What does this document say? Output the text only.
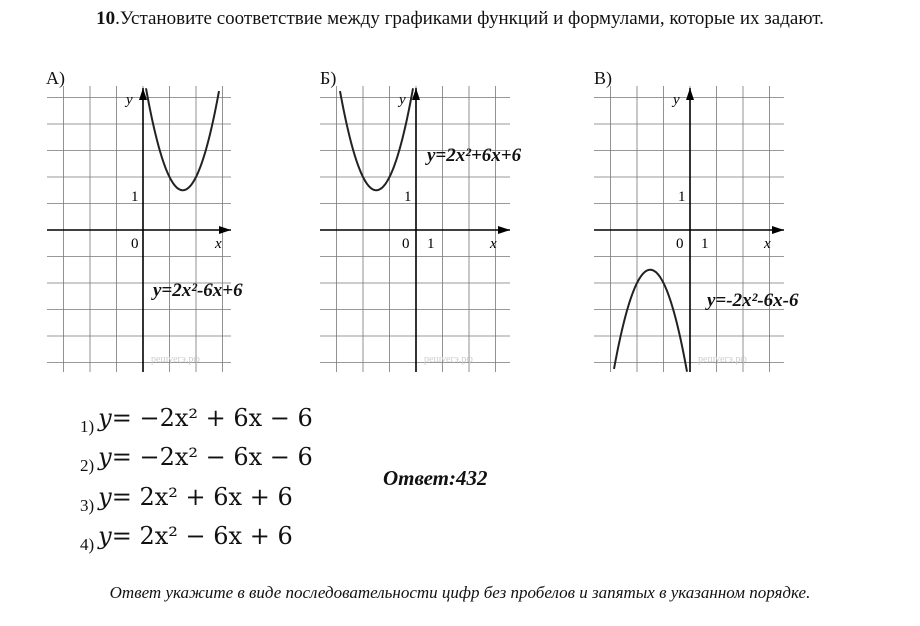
10.Установите соответствие между графиками функций и формулами, которые их задают.
А)
y
x
0
1
решуегэ.рф
y=2x²-6x+6
Б)
y
x
0 1
1
решуегэ.рф
y=2x²+6x+6
В)
y
x
0 1
1
решуегэ.рф
y=-2x²-6x-6
1) y= −2x² + 6x − 6
2) y= −2x² − 6x − 6
3) y= 2x² + 6x + 6
4) y= 2x² − 6x + 6
Ответ:432
Ответ укажите в виде последовательности цифр без пробелов и запятых в указанном порядке.
